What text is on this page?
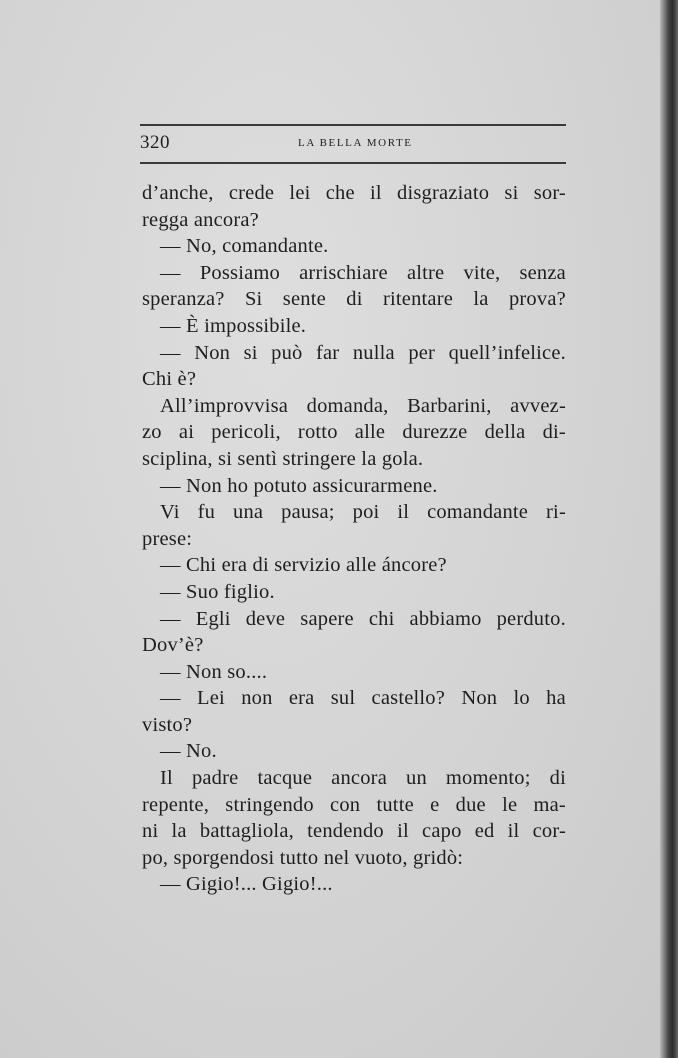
320	LA BELLA MORTE
d’anche, crede lei che il disgraziato si sor-
regga ancora?
— No, comandante.
— Possiamo arrischiare altre vite, senza
speranza? Si sente di ritentare la prova?
— È impossibile.
— Non si può far nulla per quell’infelice.
Chi è?
All’improvvisa domanda, Barbarini, avvez-
zo ai pericoli, rotto alle durezze della di-
sciplina, si sentì stringere la gola.
— Non ho potuto assicurarmene.
Vi fu una pausa; poi il comandante ri-
prese:
— Chi era di servizio alle áncore?
— Suo figlio.
— Egli deve sapere chi abbiamo perduto.
Dov’è?
— Non so....
— Lei non era sul castello? Non lo ha
visto?
— No.
Il padre tacque ancora un momento; di
repente, stringendo con tutte e due le ma-
ni la battagliola, tendendo il capo ed il cor-
po, sporgendosi tutto nel vuoto, gridò:
— Gigio!... Gigio!...
